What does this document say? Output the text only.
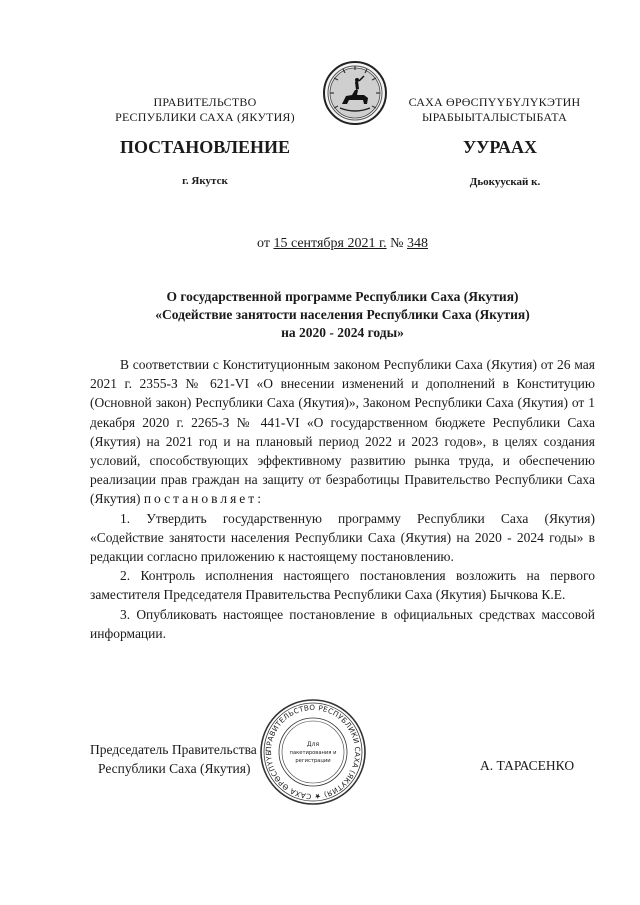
ПРАВИТЕЛЬСТВО
РЕСПУБЛИКИ САХА (ЯКУТИЯ)
САХА ӨРӨСПҮҮБҮЛҮКЭТИН
ЫРАБЫЫТАЛЫСТЫБАТА
ПОСТАНОВЛЕНИЕ	УУРААХ
г. Якутск	Дьокуускай к.
от 15 сентября 2021 г. № 348
О государственной программе Республики Саха (Якутия)
«Содействие занятости населения Республики Саха (Якутия)
на 2020 - 2024 годы»

В соответствии с Конституционным законом Республики Саха (Якутия) от 26 мая 2021 г. 2355-З № 621-VI «О внесении изменений и дополнений в Конституцию (Основной закон) Республики Саха (Якутия)», Законом Республики Саха (Якутия) от 1 декабря 2020 г. 2265-З № 441-VI «О государственном бюджете Республики Саха (Якутия) на 2021 год и на плановый период 2022 и 2023 годов», в целях создания условий, способствующих эффективному развитию рынка труда, и обеспечению реализации прав граждан на защиту от безработицы Правительство Республики Саха (Якутия) постановляет:

1. Утвердить государственную программу Республики Саха (Якутия) «Содействие занятости населения Республики Саха (Якутия) на 2020 - 2024 годы» в редакции согласно приложению к настоящему постановлению.

2. Контроль исполнения настоящего постановления возложить на первого заместителя Председателя Правительства Республики Саха (Якутия) Бычкова К.Е.

3. Опубликовать настоящее постановление в официальных средствах массовой информации.

Председатель Правительства
Республики Саха (Якутия)	А. ТАРАСЕНКО
ПРАВИТЕЛЬСТВО РЕСПУБЛИКИ САХА (ЯКУТИЯ) ★ САХА ӨРӨСПҮҮБ
Для
пакетирования и
регистрации
